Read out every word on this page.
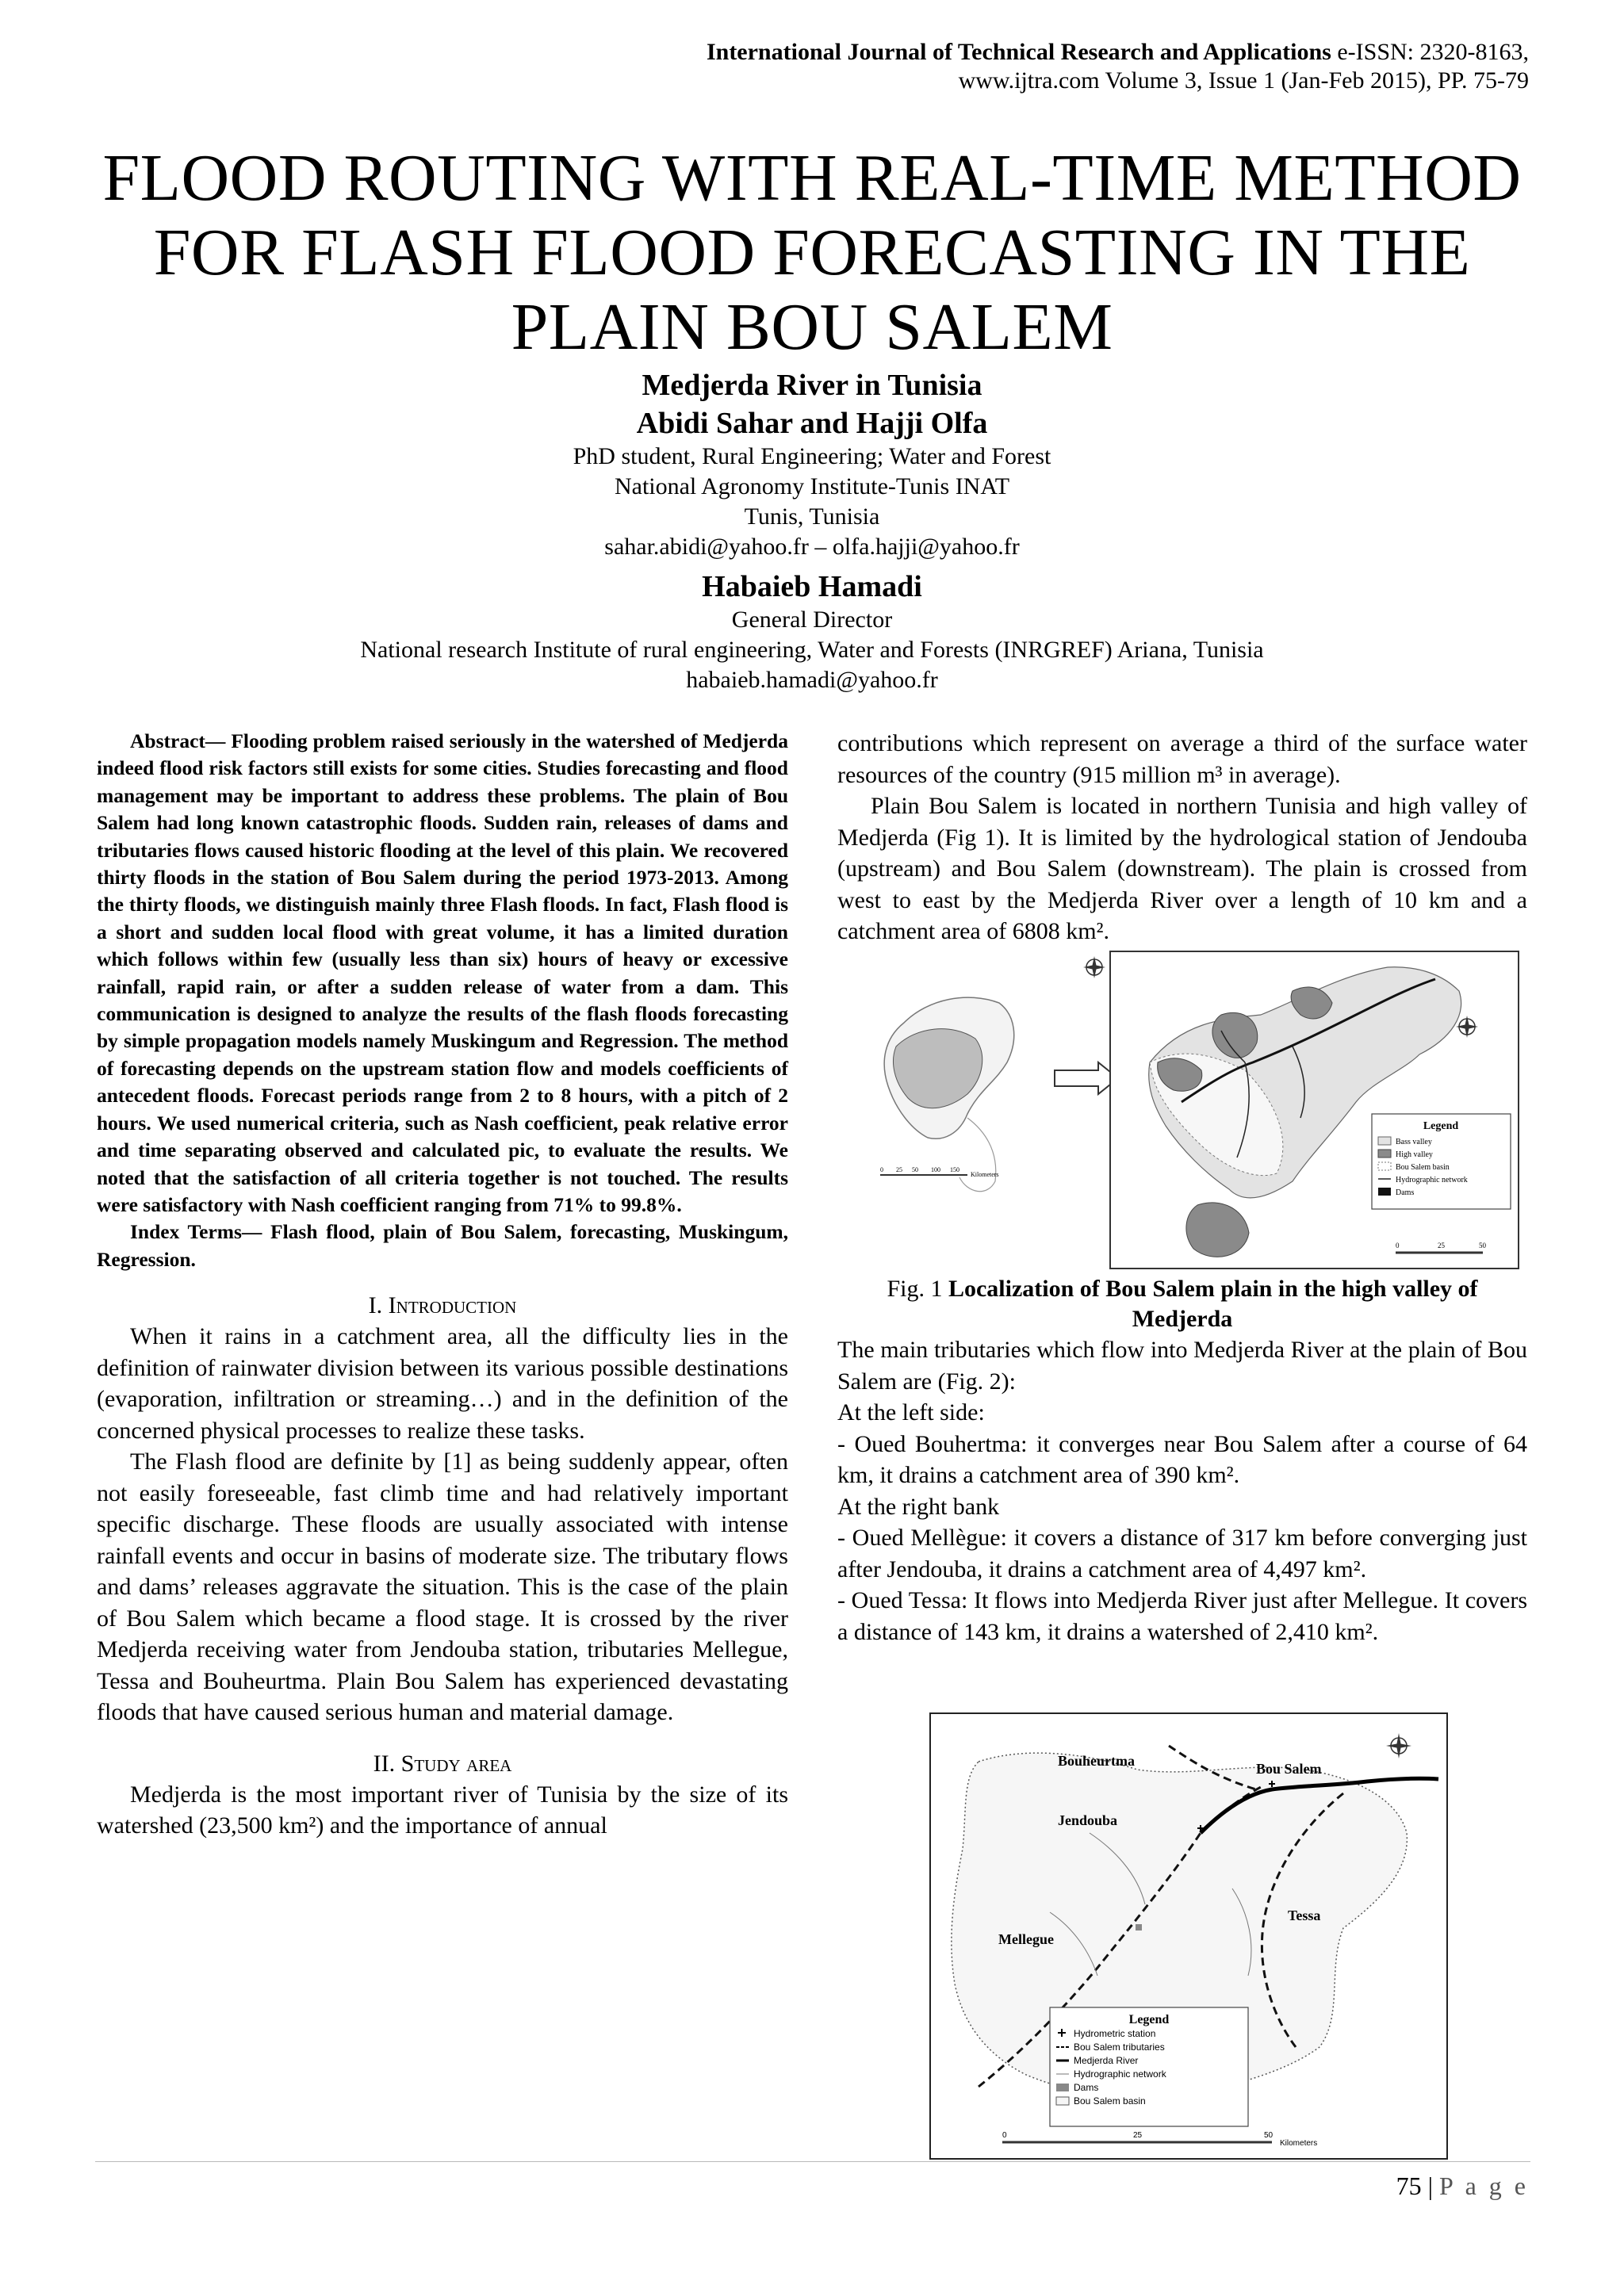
International Journal of Technical Research and Applications e-ISSN: 2320-8163,
www.ijtra.com Volume 3, Issue 1 (Jan-Feb 2015), PP. 75-79
FLOOD ROUTING WITH REAL-TIME METHOD
FOR FLASH FLOOD FORECASTING IN THE
PLAIN BOU SALEM
Medjerda River in Tunisia
Abidi Sahar and Hajji Olfa
PhD student, Rural Engineering; Water and Forest
National Agronomy Institute-Tunis INAT
Tunis, Tunisia
sahar.abidi@yahoo.fr – olfa.hajji@yahoo.fr
Habaieb Hamadi
General Director
National research Institute of rural engineering, Water and Forests (INRGREF) Ariana, Tunisia
habaieb.hamadi@yahoo.fr

Abstract— Flooding problem raised seriously in the watershed of Medjerda indeed flood risk factors still exists for some cities. Studies forecasting and flood management may be important to address these problems. The plain of Bou Salem had long known catastrophic floods. Sudden rain, releases of dams and tributaries flows caused historic flooding at the level of this plain. We recovered thirty floods in the station of Bou Salem during the period 1973-2013. Among the thirty floods, we distinguish mainly three Flash floods. In fact, Flash flood is a short and sudden local flood with great volume, it has a limited duration which follows within few (usually less than six) hours of heavy or excessive rainfall, rapid rain, or after a sudden release of water from a dam. This communication is designed to analyze the results of the flash floods forecasting by simple propagation models namely Muskingum and Regression. The method of forecasting depends on the upstream station flow and models coefficients of antecedent floods. Forecast periods range from 2 to 8 hours, with a pitch of 2 hours. We used numerical criteria, such as Nash coefficient, peak relative error and time separating observed and calculated pic, to evaluate the results. We noted that the satisfaction of all criteria together is not touched. The results were satisfactory with Nash coefficient ranging from 71% to 99.8%.

Index Terms— Flash flood, plain of Bou Salem, forecasting, Muskingum, Regression.

I. Introduction

When it rains in a catchment area, all the difficulty lies in the definition of rainwater division between its various possible destinations (evaporation, infiltration or streaming…) and in the definition of the concerned physical processes to realize these tasks.

The Flash flood are definite by [1] as being suddenly appear, often not easily foreseeable, fast climb time and had relatively important specific discharge. These floods are usually associated with intense rainfall events and occur in basins of moderate size. The tributary flows and dams’ releases aggravate the situation. This is the case of the plain of Bou Salem which became a flood stage. It is crossed by the river Medjerda receiving water from Jendouba station, tributaries Mellegue, Tessa and Bouheurtma. Plain Bou Salem has experienced devastating floods that have caused serious human and material damage.

II. Study area

Medjerda is the most important river of Tunisia by the size of its watershed (23,500 km²) and the importance of annual

contributions which represent on average a third of the surface water resources of the country (915 million m³ in average).

Plain Bou Salem is located in northern Tunisia and high valley of Medjerda (Fig 1). It is limited by the hydrological station of Jendouba (upstream) and Bou Salem (downstream). The plain is crossed from west to east by the Medjerda River over a length of 10 km and a catchment area of 6808 km².

0 25 50 100 150
Kilometers
Legend
Bass valley
High valley
Bou Salem basin
Hydrographic network
Dams
0	25	50

Fig. 1 Localization of Bou Salem plain in the high valley of Medjerda

The main tributaries which flow into Medjerda River at the plain of Bou Salem are (Fig. 2):

At the left side:

- Oued Bouhertma: it converges near Bou Salem after a course of 64 km, it drains a catchment area of 390 km².

At the right bank

- Oued Mellègue: it covers a distance of 317 km before converging just after Jendouba, it drains a catchment area of 4,497 km².

- Oued Tessa: It flows into Medjerda River just after Mellegue. It covers a distance of 143 km, it drains a watershed of 2,410 km².

Bouheurtma	Bou Salem
Jendouba
Tessa
Mellegue
Legend
Hydrometric station
Bou Salem tributaries
Medjerda River
Hydrographic network
Dams
Bou Salem basin
0	25	50
Kilometers
75 | P a g e
